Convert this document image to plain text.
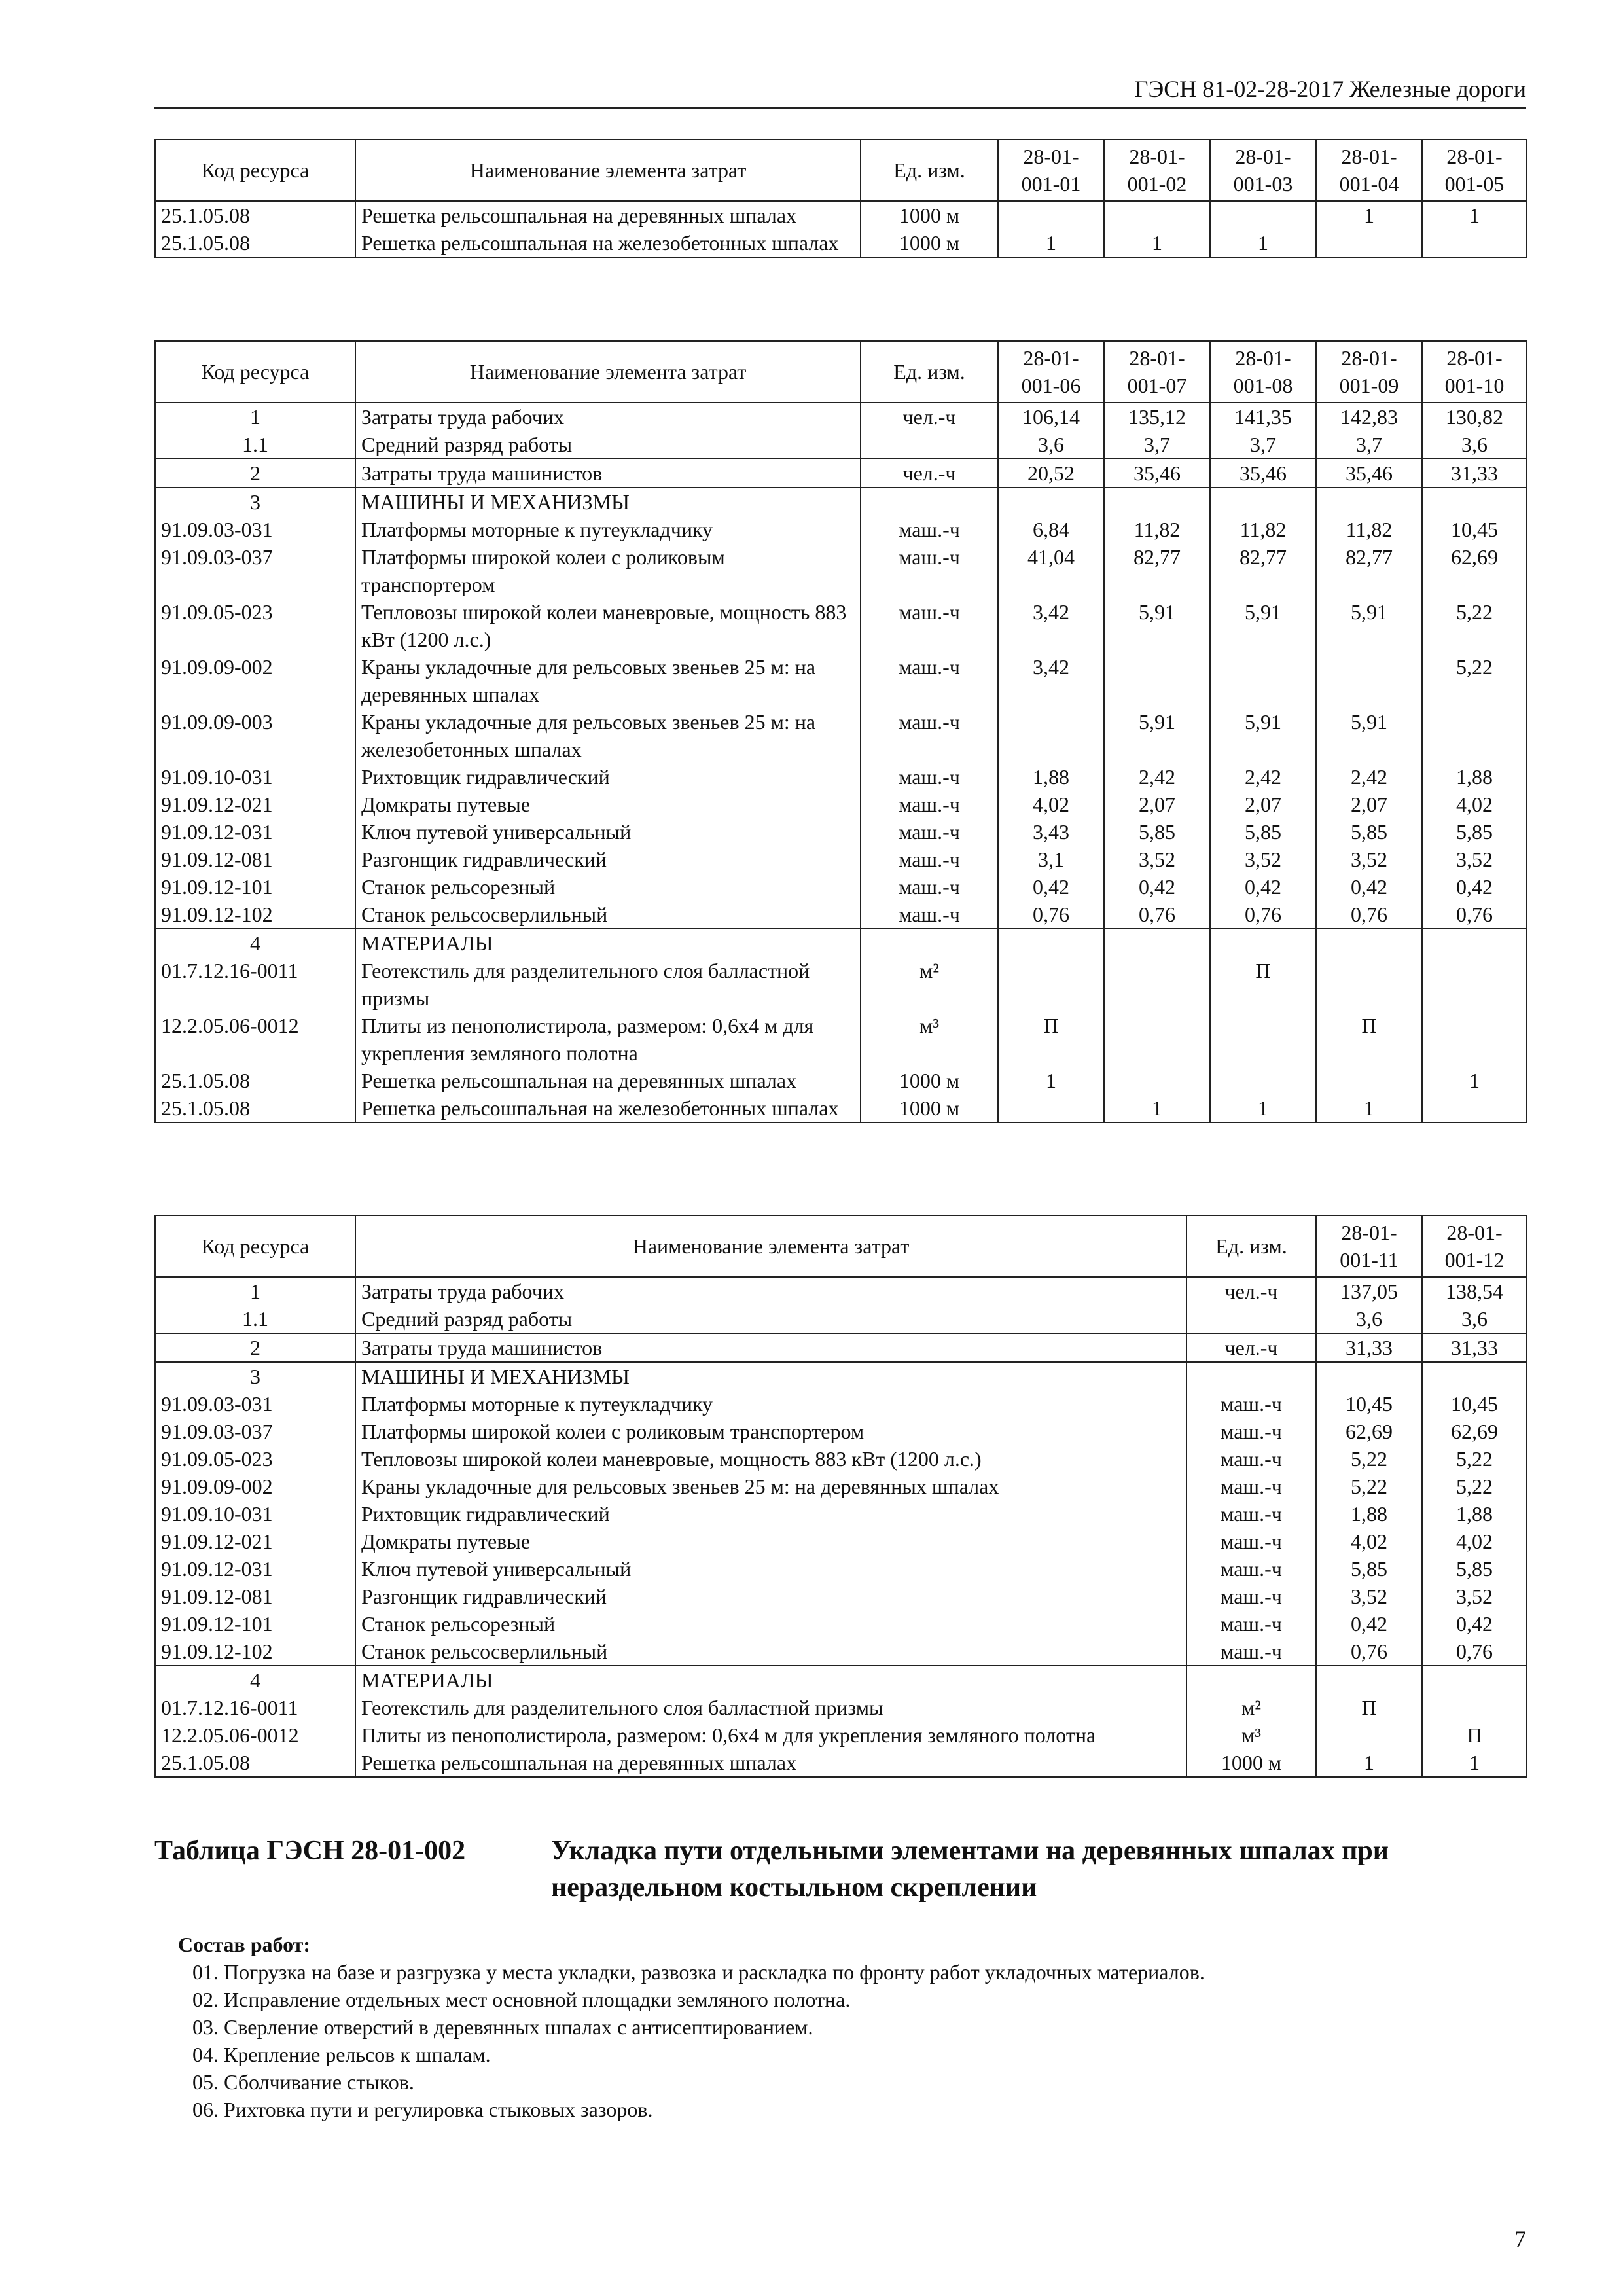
ГЭСН 81-02-28-2017 Железные дороги
Код ресурса	Наименование элемента затрат	Ед. изм.	28-01-
001-01	28-01-
001-02	28-01-
001-03	28-01-
001-04	28-01-
001-05
25.1.05.08	Решетка рельсошпальная на деревянных шпалах	1000 м				1	1
25.1.05.08	Решетка рельсошпальная на железобетонных шпалах	1000 м	1	1	1		
Код ресурса	Наименование элемента затрат	Ед. изм.	28-01-
001-06	28-01-
001-07	28-01-
001-08	28-01-
001-09	28-01-
001-10
1	Затраты труда рабочих	чел.-ч	106,14	135,12	141,35	142,83	130,82
1.1	Средний разряд работы		3,6	3,7	3,7	3,7	3,6
2	Затраты труда машинистов	чел.-ч	20,52	35,46	35,46	35,46	31,33
3	МАШИНЫ И МЕХАНИЗМЫ						
91.09.03-031	Платформы моторные к путеукладчику	маш.-ч	6,84	11,82	11,82	11,82	10,45
91.09.03-037	Платформы широкой колеи с роликовым транспортером	маш.-ч	41,04	82,77	82,77	82,77	62,69
91.09.05-023	Тепловозы широкой колеи маневровые, мощность 883 кВт (1200 л.с.)	маш.-ч	3,42	5,91	5,91	5,91	5,22
91.09.09-002	Краны укладочные для рельсовых звеньев 25 м: на деревянных шпалах	маш.-ч	3,42				5,22
91.09.09-003	Краны укладочные для рельсовых звеньев 25 м: на железобетонных шпалах	маш.-ч		5,91	5,91	5,91	
91.09.10-031	Рихтовщик гидравлический	маш.-ч	1,88	2,42	2,42	2,42	1,88
91.09.12-021	Домкраты путевые	маш.-ч	4,02	2,07	2,07	2,07	4,02
91.09.12-031	Ключ путевой универсальный	маш.-ч	3,43	5,85	5,85	5,85	5,85
91.09.12-081	Разгонщик гидравлический	маш.-ч	3,1	3,52	3,52	3,52	3,52
91.09.12-101	Станок рельсорезный	маш.-ч	0,42	0,42	0,42	0,42	0,42
91.09.12-102	Станок рельсосверлильный	маш.-ч	0,76	0,76	0,76	0,76	0,76
4	МАТЕРИАЛЫ						
01.7.12.16-0011	Геотекстиль для разделительного слоя балластной призмы	м²			П		
12.2.05.06-0012	Плиты из пенополистирола, размером: 0,6х4 м для укрепления земляного полотна	м³	П			П	
25.1.05.08	Решетка рельсошпальная на деревянных шпалах	1000 м	1				1
25.1.05.08	Решетка рельсошпальная на железобетонных шпалах	1000 м		1	1	1	
Код ресурса	Наименование элемента затрат	Ед. изм.	28-01-
001-11	28-01-
001-12
1	Затраты труда рабочих	чел.-ч	137,05	138,54
1.1	Средний разряд работы		3,6	3,6
2	Затраты труда машинистов	чел.-ч	31,33	31,33
3	МАШИНЫ И МЕХАНИЗМЫ			
91.09.03-031	Платформы моторные к путеукладчику	маш.-ч	10,45	10,45
91.09.03-037	Платформы широкой колеи с роликовым транспортером	маш.-ч	62,69	62,69
91.09.05-023	Тепловозы широкой колеи маневровые, мощность 883 кВт (1200 л.с.)	маш.-ч	5,22	5,22
91.09.09-002	Краны укладочные для рельсовых звеньев 25 м: на деревянных шпалах	маш.-ч	5,22	5,22
91.09.10-031	Рихтовщик гидравлический	маш.-ч	1,88	1,88
91.09.12-021	Домкраты путевые	маш.-ч	4,02	4,02
91.09.12-031	Ключ путевой универсальный	маш.-ч	5,85	5,85
91.09.12-081	Разгонщик гидравлический	маш.-ч	3,52	3,52
91.09.12-101	Станок рельсорезный	маш.-ч	0,42	0,42
91.09.12-102	Станок рельсосверлильный	маш.-ч	0,76	0,76
4	МАТЕРИАЛЫ			
01.7.12.16-0011	Геотекстиль для разделительного слоя балластной призмы	м²	П	
12.2.05.06-0012	Плиты из пенополистирола, размером: 0,6х4 м для укрепления земляного полотна	м³		П
25.1.05.08	Решетка рельсошпальная на деревянных шпалах	1000 м	1	1
Таблица ГЭСН 28-01-002	Укладка пути отдельными элементами на деревянных шпалах при нераздельном костыльном скреплении
Состав работ:
01. Погрузка на базе и разгрузка у места укладки, развозка и раскладка по фронту работ укладочных материалов.
02. Исправление отдельных мест основной площадки земляного полотна.
03. Сверление отверстий в деревянных шпалах с антисептированием.
04. Крепление рельсов к шпалам.
05. Сболчивание стыков.
06. Рихтовка пути и регулировка стыковых зазоров.
7
